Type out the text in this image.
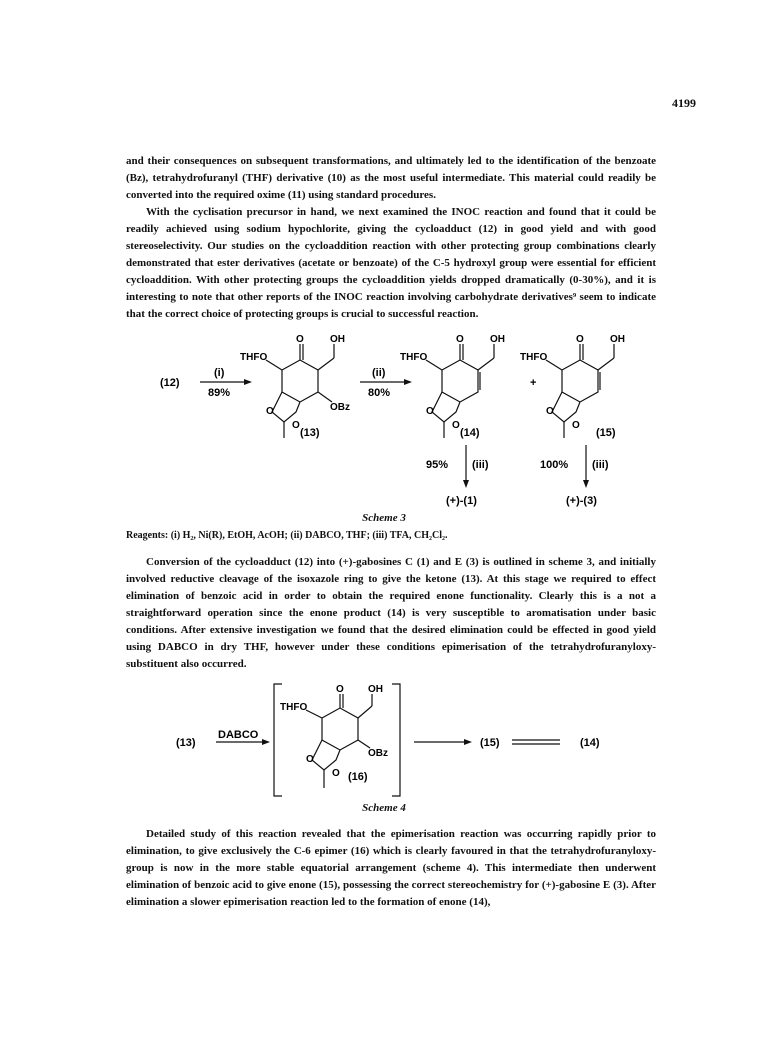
4199

and their consequences on subsequent transformations, and ultimately led to the identification of the benzoate (Bz), tetrahydrofuranyl (THF) derivative (10) as the most useful intermediate. This material could readily be converted into the required oxime (11) using standard procedures.

With the cyclisation precursor in hand, we next examined the INOC reaction and found that it could be readily achieved using sodium hypochlorite, giving the cycloadduct (12) in good yield and with good stereoselectivity. Our studies on the cycloaddition reaction with other protecting group combinations clearly demonstrated that ester derivatives (acetate or benzoate) of the C-5 hydroxyl group were essential for efficient cycloaddition. With other protecting groups the cycloaddition yields dropped dramatically (0-30%), and it is interesting to note that other reports of the INOC reaction involving carbohydrate derivatives⁹ seem to indicate that the correct choice of protecting groups is crucial to successful reaction.

O	OH
THFO
OBz
O
O
O	OH
THFO
O
O
O	OH
THFO
O
O
(12)
(i)
89%
(ii)
80%
+
(13)	(14)	(15)
95% (iii)	100% (iii)
(+)-(1)	(+)-(3)
Scheme 3
Reagents: (i) H₂, Ni(R), EtOH, AcOH; (ii) DABCO, THF; (iii) TFA, CH₂Cl₂.

Conversion of the cycloadduct (12) into (+)-gabosines C (1) and E (3) is outlined in scheme 3, and initially involved reductive cleavage of the isoxazole ring to give the ketone (13). At this stage we required to effect elimination of benzoic acid in order to obtain the required enone functionality. Clearly this is a not a straightforward operation since the enone product (14) is very susceptible to aromatisation under basic conditions. After extensive investigation we found that the desired elimination could be effected in good yield using DABCO in dry THF, however under these conditions epimerisation of the tetrahydrofuranyloxy-substituent also occurred.

O OH
THFO
OBz
O
O
(13)
DABCO
(16)
(15)	(14)
Scheme 4

Detailed study of this reaction revealed that the epimerisation reaction was occurring rapidly prior to elimination, to give exclusively the C-6 epimer (16) which is clearly favoured in that the tetrahydrofuranyloxy-group is now in the more stable equatorial arrangement (scheme 4). This intermediate then underwent elimination of benzoic acid to give enone (15), possessing the correct stereochemistry for (+)-gabosine E (3). After elimination a slower epimerisation reaction led to the formation of enone (14),
